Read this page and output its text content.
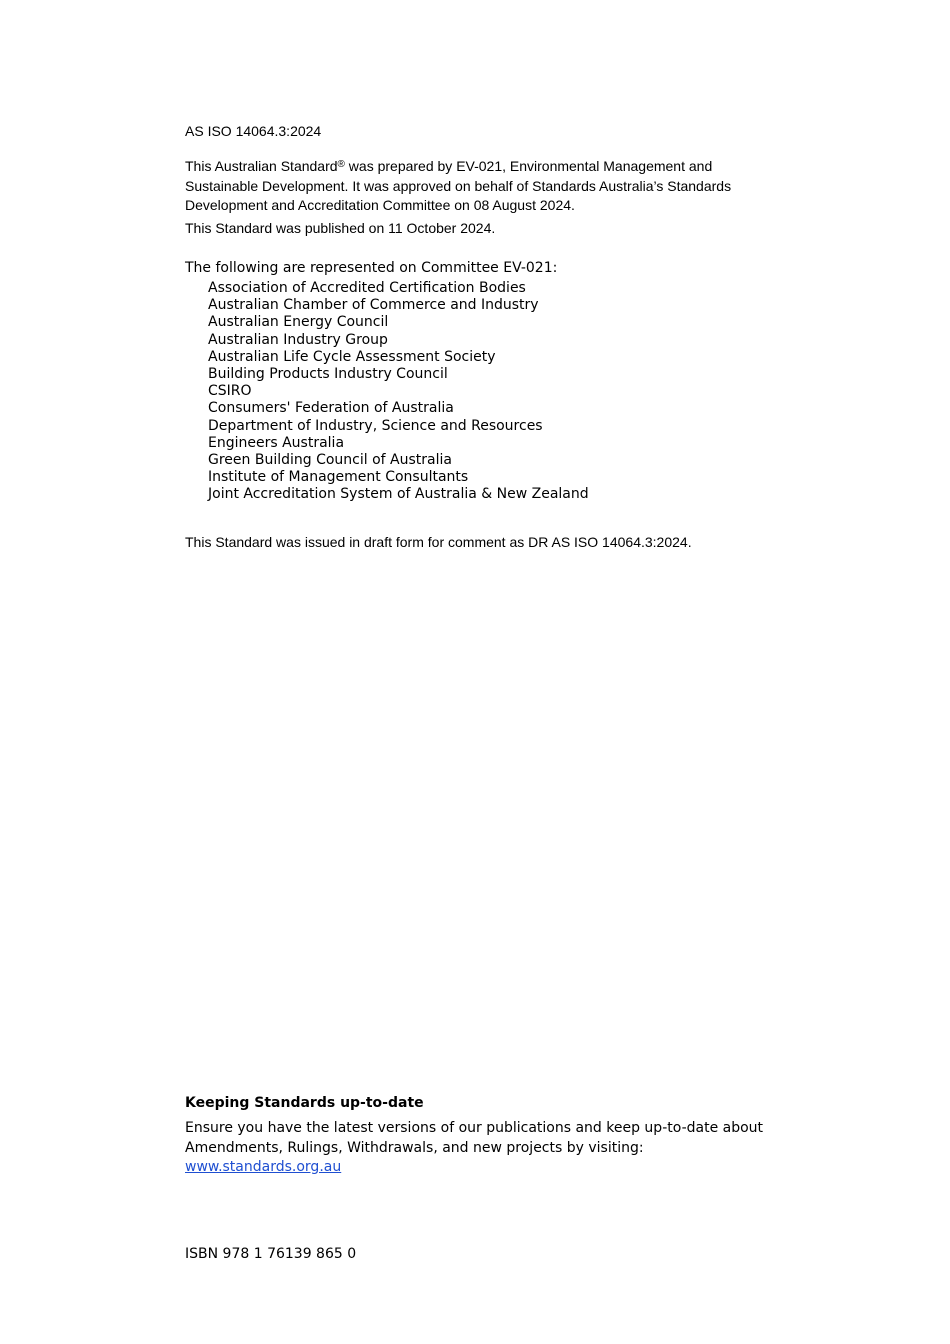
AS ISO 14064.3:2024

This Australian Standard® was prepared by EV-021, Environmental Management and Sustainable Development. It was approved on behalf of Standards Australia’s Standards Development and Accreditation Committee on 08 August 2024.

This Standard was published on 11 October 2024.

The following are represented on Committee EV-021:

Association of Accredited Certification Bodies
Australian Chamber of Commerce and Industry
Australian Energy Council
Australian Industry Group
Australian Life Cycle Assessment Society
Building Products Industry Council
CSIRO
Consumers' Federation of Australia
Department of Industry, Science and Resources
Engineers Australia
Green Building Council of Australia
Institute of Management Consultants
Joint Accreditation System of Australia & New Zealand

This Standard was issued in draft form for comment as DR AS ISO 14064.3:2024.

Keeping Standards up-to-date

Ensure you have the latest versions of our publications and keep up-to-date about Amendments, Rulings, Withdrawals, and new projects by visiting:
www.standards.org.au

ISBN 978 1 76139 865 0
